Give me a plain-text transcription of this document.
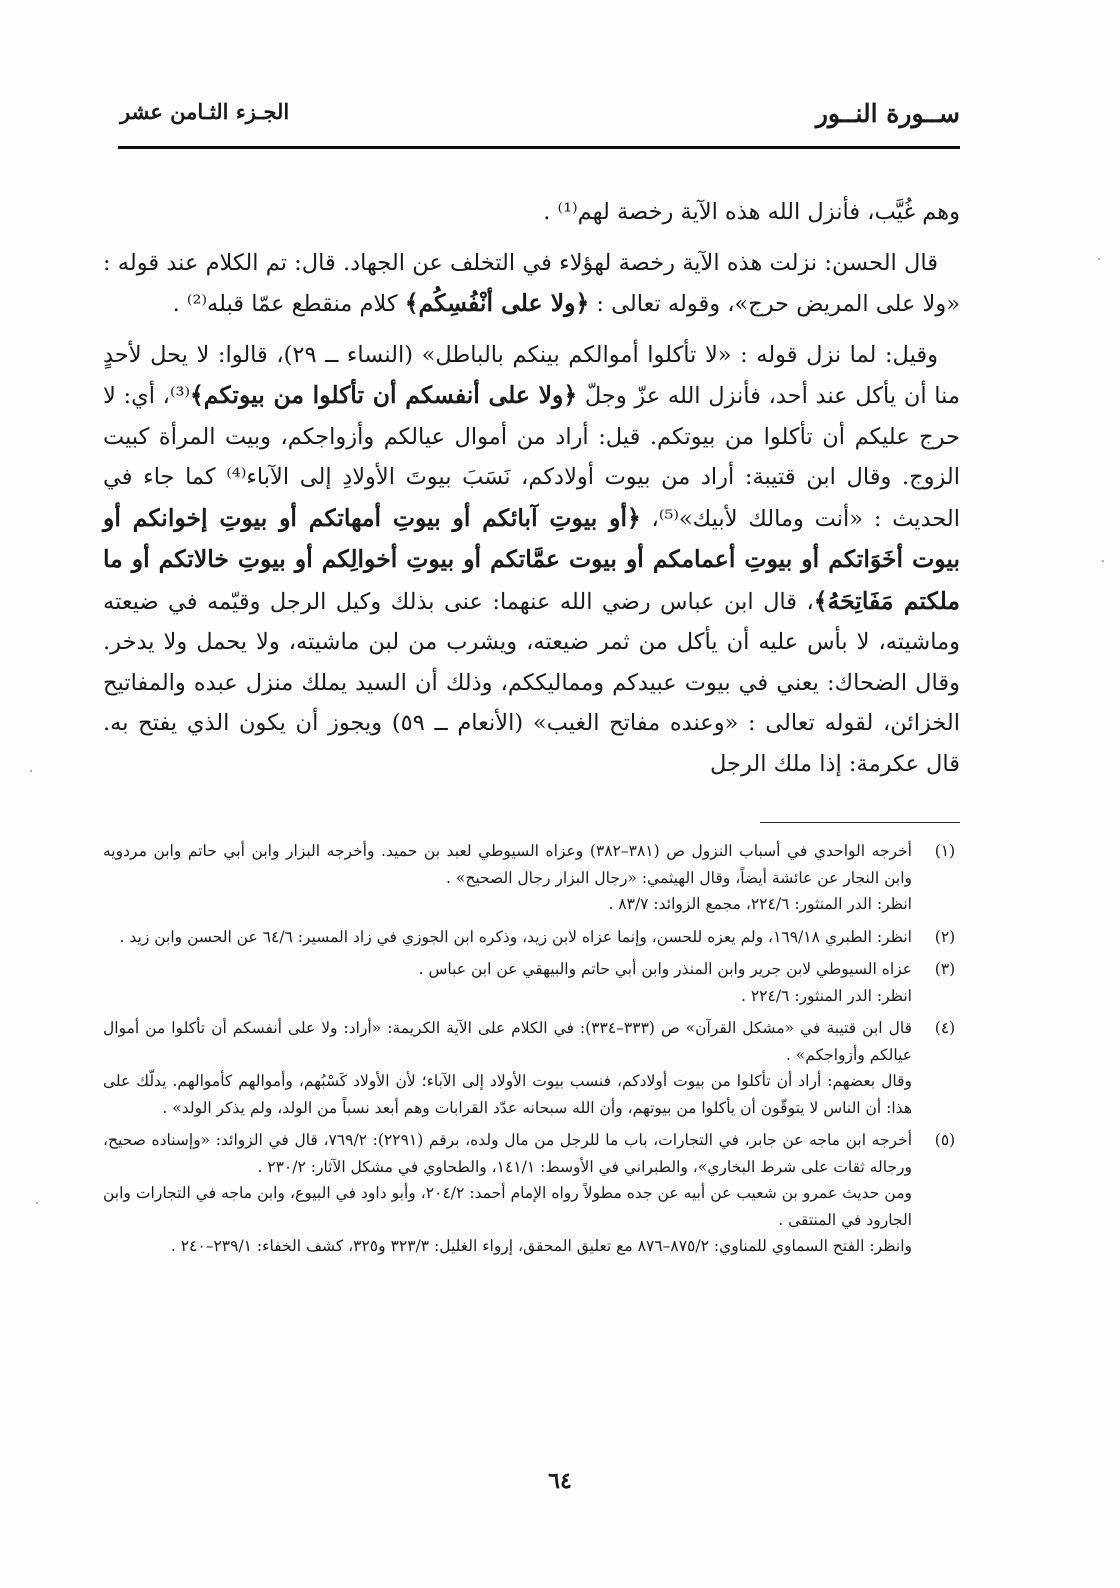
ســورة النــور
الجـزء الثـامن عشر

وهم غُيَّب، فأنزل الله هذه الآية رخصة لهم⁽¹⁾ .

قال الحسن: نزلت هذه الآية رخصة لهؤلاء في التخلف عن الجهاد. قال: تم الكلام عند قوله : «ولا على المريض حرج»، وقوله تعالى : ﴿ولا على أنْفُسِكُم﴾ كلام منقطع عمّا قبله⁽²⁾ .

وقيل: لما نزل قوله : «لا تأكلوا أموالكم بينكم بالباطل» (النساء ــ ٢٩)، قالوا: لا يحل لأحدٍ منا أن يأكل عند أحد، فأنزل الله عزّ وجلّ ﴿ولا على أنفسكم أن تأكلوا من بيوتكم﴾⁽³⁾، أي: لا حرج عليكم أن تأكلوا من بيوتكم. قيل: أراد من أموال عيالكم وأزواجكم، وبيت المرأة كبيت الزوج. وقال ابن قتيبة: أراد من بيوت أولادكم، نَسَبَ بيوتَ الأولادِ إلى الآباء⁽⁴⁾ كما جاء في الحديث : «أنت ومالك لأبيك»⁽⁵⁾، ﴿أو بيوتِ آبائكم أو بيوتِ أمهاتكم أو بيوتِ إخوانكم أو بيوت أخَوَاتكم أو بيوتِ أعمامكم أو بيوت عمَّاتكم أو بيوتِ أخوالِكم أو بيوتِ خالاتكم أو ما ملكتم مَفَاتِحَهُ﴾، قال ابن عباس رضي الله عنهما: عنى بذلك وكيل الرجل وقيّمه في ضيعته وماشيته، لا بأس عليه أن يأكل من ثمر ضيعته، ويشرب من لبن ماشيته، ولا يحمل ولا يدخر. وقال الضحاك: يعني في بيوت عبيدكم ومماليككم، وذلك أن السيد يملك منزل عبده والمفاتيح الخزائن، لقوله تعالى : «وعنده مفاتح الغيب» (الأنعام ــ ٥٩) ويجوز أن يكون الذي يفتح به. قال عكرمة: إذا ملك الرجل

(١)
أخرجه الواحدي في أسباب النزول ص (٣٨١–٣٨٢) وعزاه السيوطي لعبد بن حميد. وأخرجه البزار وابن أبي حاتم وابن مردويه وابن النجار عن عائشة أيضاً، وقال الهيثمي: «رجال البزار رجال الصحيح» .
انظر: الدر المنثور: ٢٢٤/٦، مجمع الزوائد: ٨٣/٧ .
(٢)
انظر: الطبري ١٦٩/١٨، ولم يعزه للحسن، وإنما عزاه لابن زيد، وذكره ابن الجوزي في زاد المسير: ٦٤/٦ عن الحسن وابن زيد .
(٣)
عزاه السيوطي لابن جرير وابن المنذر وابن أبي حاتم والبيهقي عن ابن عباس .
انظر: الدر المنثور: ٢٢٤/٦ .
(٤)
قال ابن قتيبة في «مشكل القرآن» ص (٣٣٣–٣٣٤): في الكلام على الآية الكريمة: «أراد: ولا على أنفسكم أن تأكلوا من أموال عيالكم وأزواجكم» .
وقال بعضهم: أراد أن تأكلوا من بيوت أولادكم، فنسب بيوت الأولاد إلى الآباء؛ لأن الأولاد كَسْبُهم، وأموالهم كأموالهم. يدلّك على هذا: أن الناس لا يتوقّون أن يأكلوا من بيوتهم، وأن الله سبحانه عدّد القرابات وهم أبعد نسباً من الولد، ولم يذكر الولد» .
(٥)
أخرجه ابن ماجه عن جابر، في التجارات، باب ما للرجل من مال ولده، برقم (٢٢٩١): ٧٦٩/٢، قال في الزوائد: «وإسناده صحيح، ورجاله ثقات على شرط البخاري»، والطبراني في الأوسط: ١٤١/١، والطحاوي في مشكل الآثار: ٢٣٠/٢ .
ومن حديث عمرو بن شعيب عن أبيه عن جده مطولاً رواه الإمام أحمد: ٢٠٤/٢، وأبو داود في البيوع، وابن ماجه في التجارات وابن الجارود في المنتقى .
وانظر: الفتح السماوي للمناوي: ٨٧٥/٢–٨٧٦ مع تعليق المحقق، إرواء الغليل: ٣٢٣/٣ و٣٢٥، كشف الخفاء: ٢٣٩/١–٢٤٠ .
٦٤
